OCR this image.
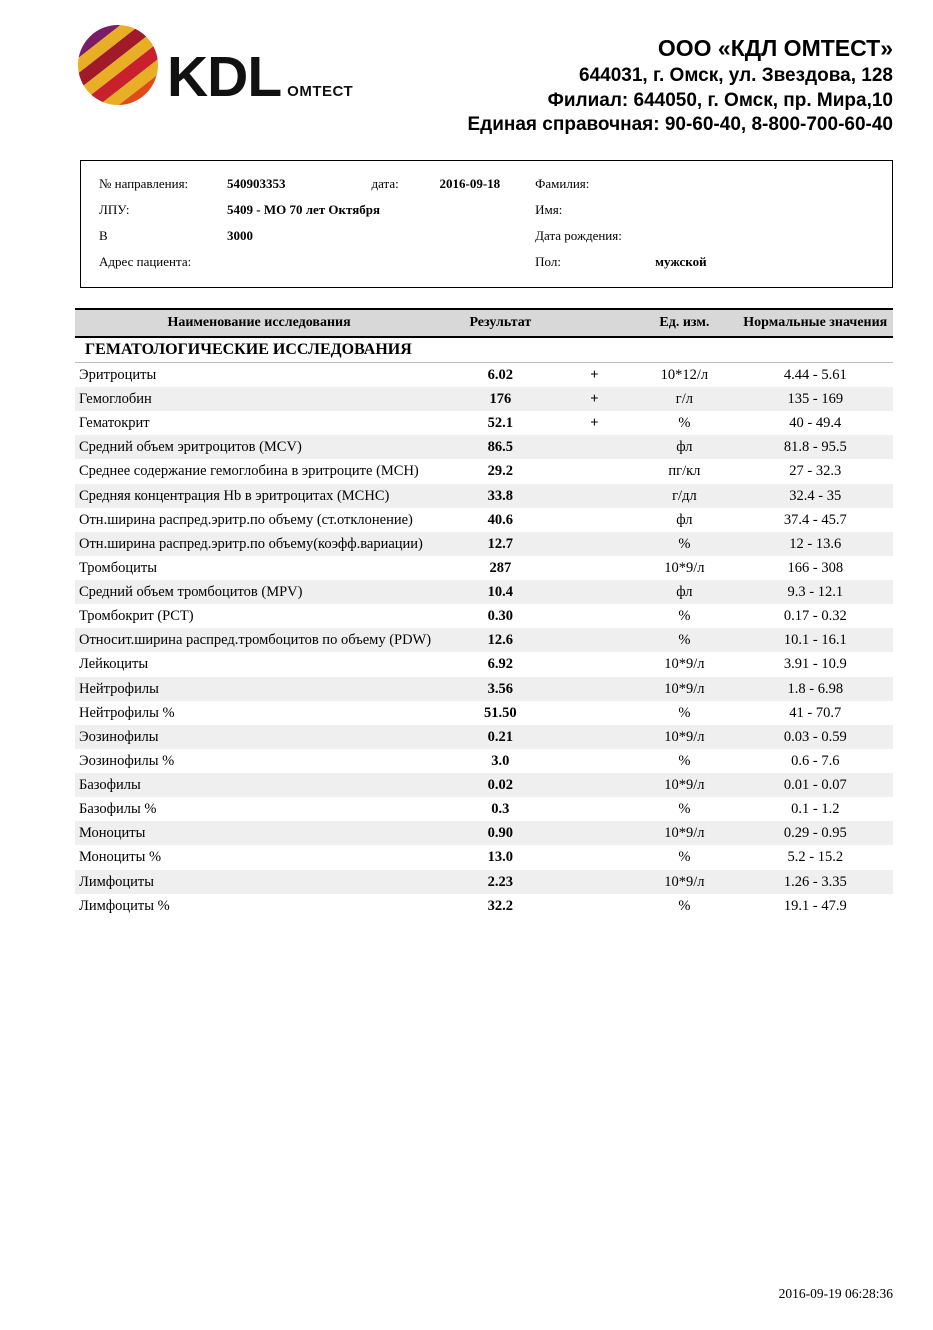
KDL ОМТЕСТ
ООО «КДЛ ОМТЕСТ»
644031, г. Омск, ул. Звездова, 128
Филиал: 644050, г. Омск, пр. Мира,10
Единая справочная: 90-60-40, 8-800-700-60-40
№ направления:	540903353	дата:	2016-09-18	Фамилия:
ЛПУ:	5409 - МО 70 лет Октября	Имя:
В	3000	Дата рождения:
Адрес пациента:	Пол:	мужской
Наименование исследования	Результат		Ед. изм.	Нормальные значения
ГЕМАТОЛОГИЧЕСКИЕ ИССЛЕДОВАНИЯ				
Эритроциты	6.02	+	10*12/л	4.44 - 5.61
Гемоглобин	176	+	г/л	135 - 169
Гематокрит	52.1	+	%	40 - 49.4
Средний объем эритроцитов (MCV)	86.5		фл	81.8 - 95.5
Среднее содержание гемоглобина в эритроците (MCH)	29.2		пг/кл	27 - 32.3
Средняя концентрация Hb в эритроцитах (MCHC)	33.8		г/дл	32.4 - 35
Отн.ширина распред.эритр.по объему (ст.отклонение)	40.6		фл	37.4 - 45.7
Отн.ширина распред.эритр.по объему(коэфф.вариации)	12.7		%	12 - 13.6
Тромбоциты	287		10*9/л	166 - 308
Средний объем тромбоцитов (MPV)	10.4		фл	9.3 - 12.1
Тромбокрит (PCT)	0.30		%	0.17 - 0.32
Относит.ширина распред.тромбоцитов по объему (PDW)	12.6		%	10.1 - 16.1
Лейкоциты	6.92		10*9/л	3.91 - 10.9
Нейтрофилы	3.56		10*9/л	1.8 - 6.98
Нейтрофилы %	51.50		%	41 - 70.7
Эозинофилы	0.21		10*9/л	0.03 - 0.59
Эозинофилы %	3.0		%	0.6 - 7.6
Базофилы	0.02		10*9/л	0.01 - 0.07
Базофилы %	0.3		%	0.1 - 1.2
Моноциты	0.90		10*9/л	0.29 - 0.95
Моноциты %	13.0		%	5.2 - 15.2
Лимфоциты	2.23		10*9/л	1.26 - 3.35
Лимфоциты %	32.2		%	19.1 - 47.9
2016-09-19 06:28:36
